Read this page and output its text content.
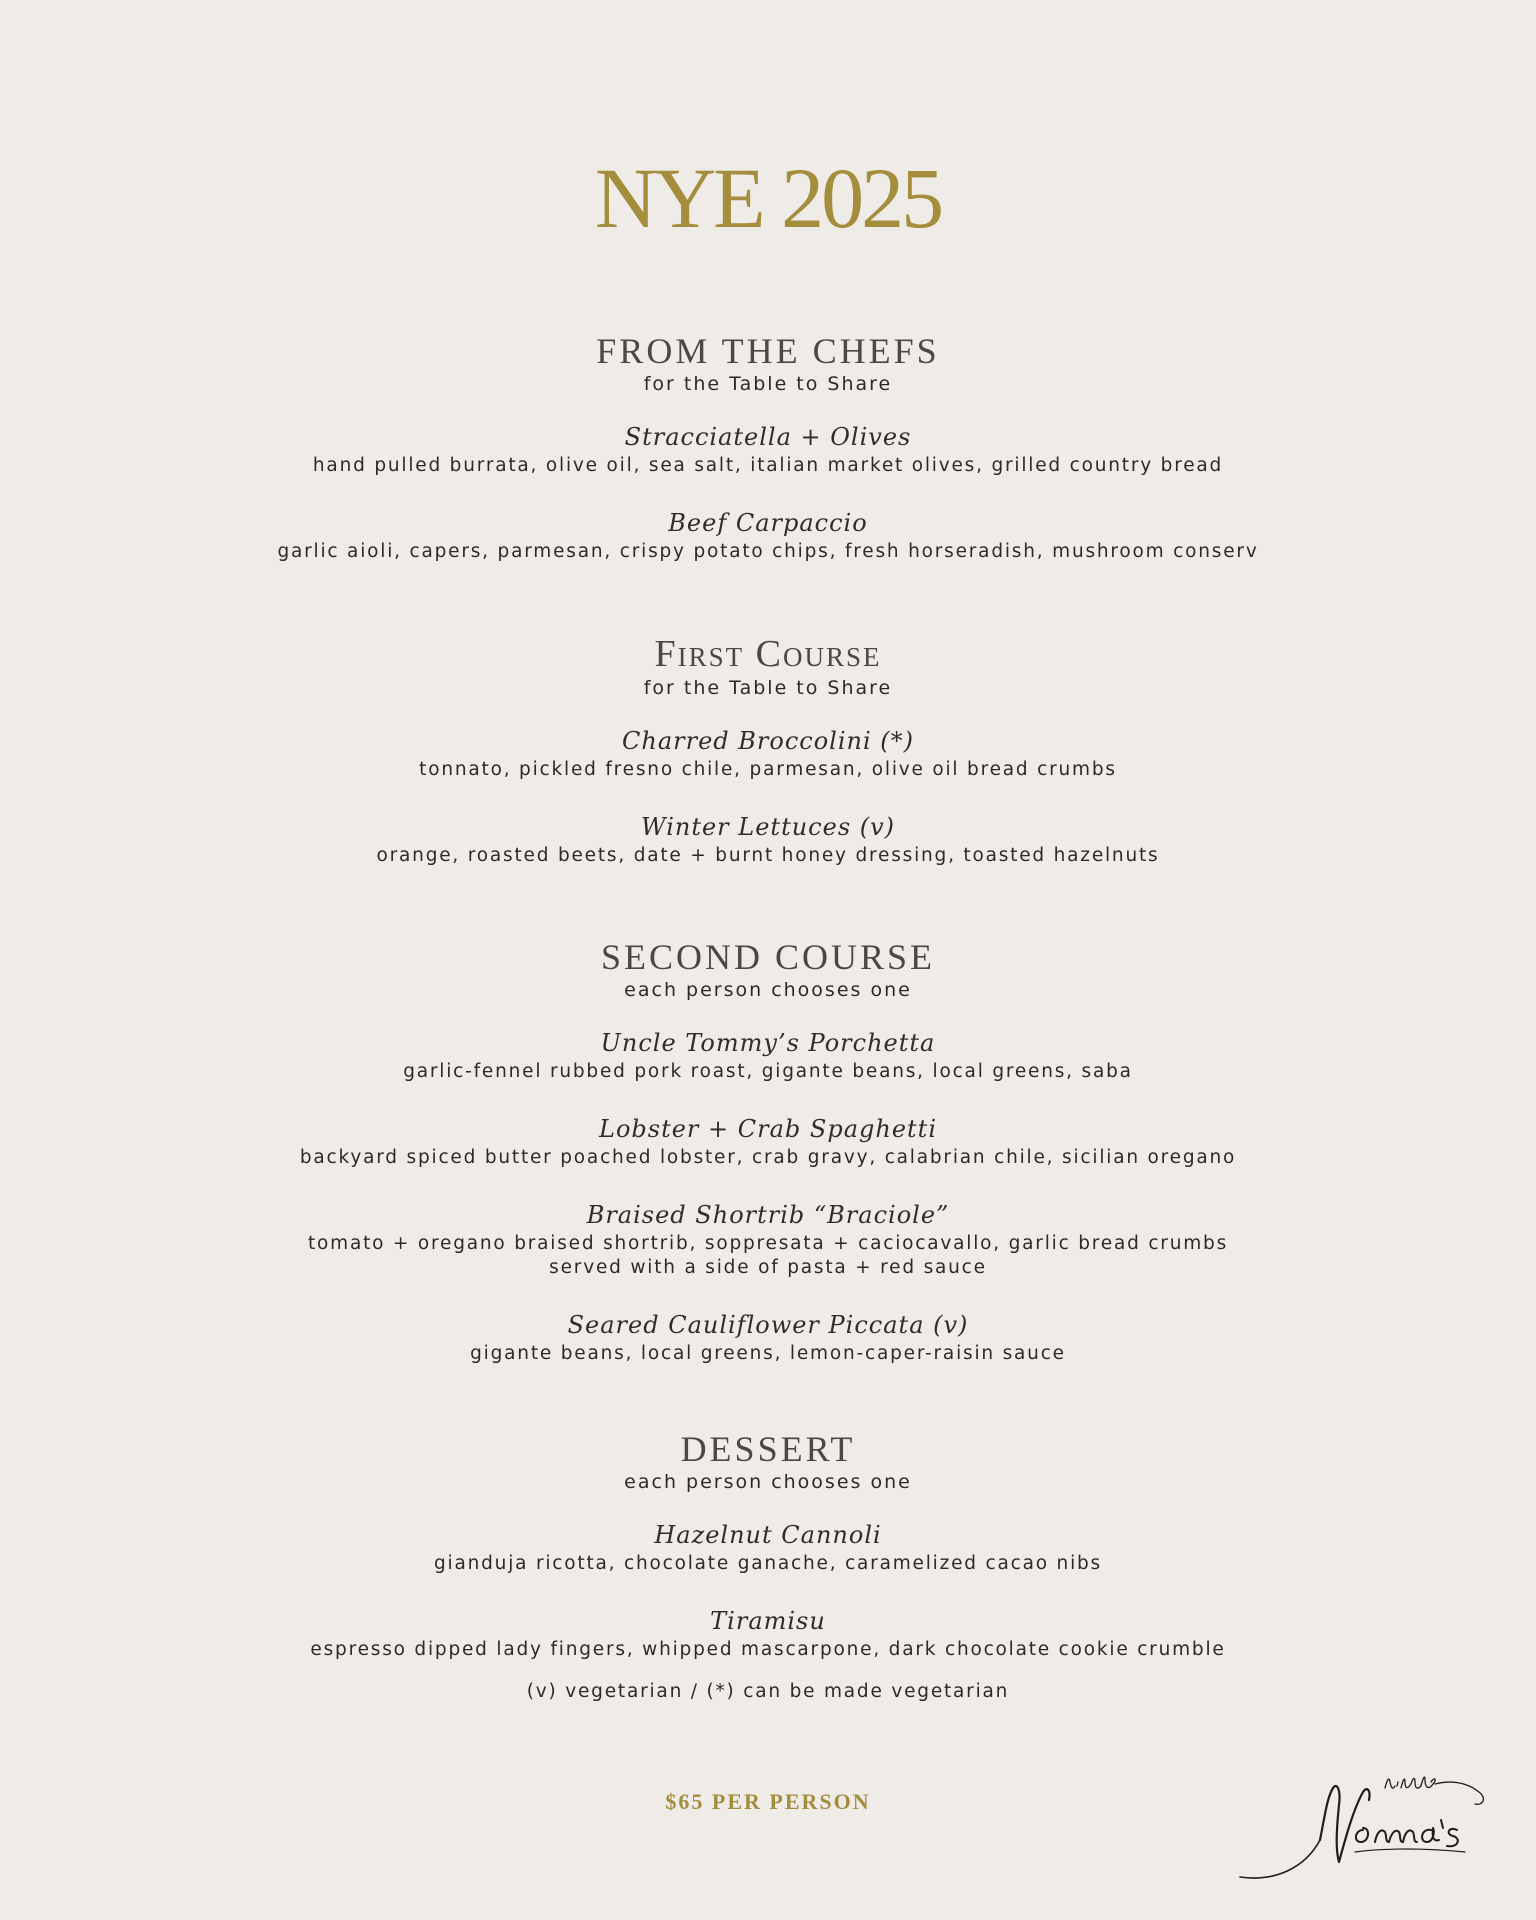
NYE 2025
FROM THE CHEFS
for the Table to Share
Stracciatella + Olives
hand pulled burrata, olive oil, sea salt, italian market olives, grilled country bread
Beef Carpaccio
garlic aioli, capers, parmesan, crispy potato chips, fresh horseradish, mushroom conserv
First Course
for the Table to Share
Charred Broccolini (*)
tonnato, pickled fresno chile, parmesan, olive oil bread crumbs
Winter Lettuces (v)
orange, roasted beets, date + burnt honey dressing, toasted hazelnuts
SECOND COURSE
each person chooses one
Uncle Tommy’s Porchetta
garlic-fennel rubbed pork roast, gigante beans, local greens, saba
Lobster + Crab Spaghetti
backyard spiced butter poached lobster, crab gravy, calabrian chile, sicilian oregano
Braised Shortrib “Braciole”
tomato + oregano braised shortrib, soppresata + caciocavallo, garlic bread crumbs
served with a side of pasta + red sauce
Seared Cauliflower Piccata (v)
gigante beans, local greens, lemon-caper-raisin sauce
DESSERT
each person chooses one
Hazelnut Cannoli
gianduja ricotta, chocolate ganache, caramelized cacao nibs
Tiramisu
espresso dipped lady fingers, whipped mascarpone, dark chocolate cookie crumble
(v) vegetarian / (*) can be made vegetarian
$65 PER PERSON
